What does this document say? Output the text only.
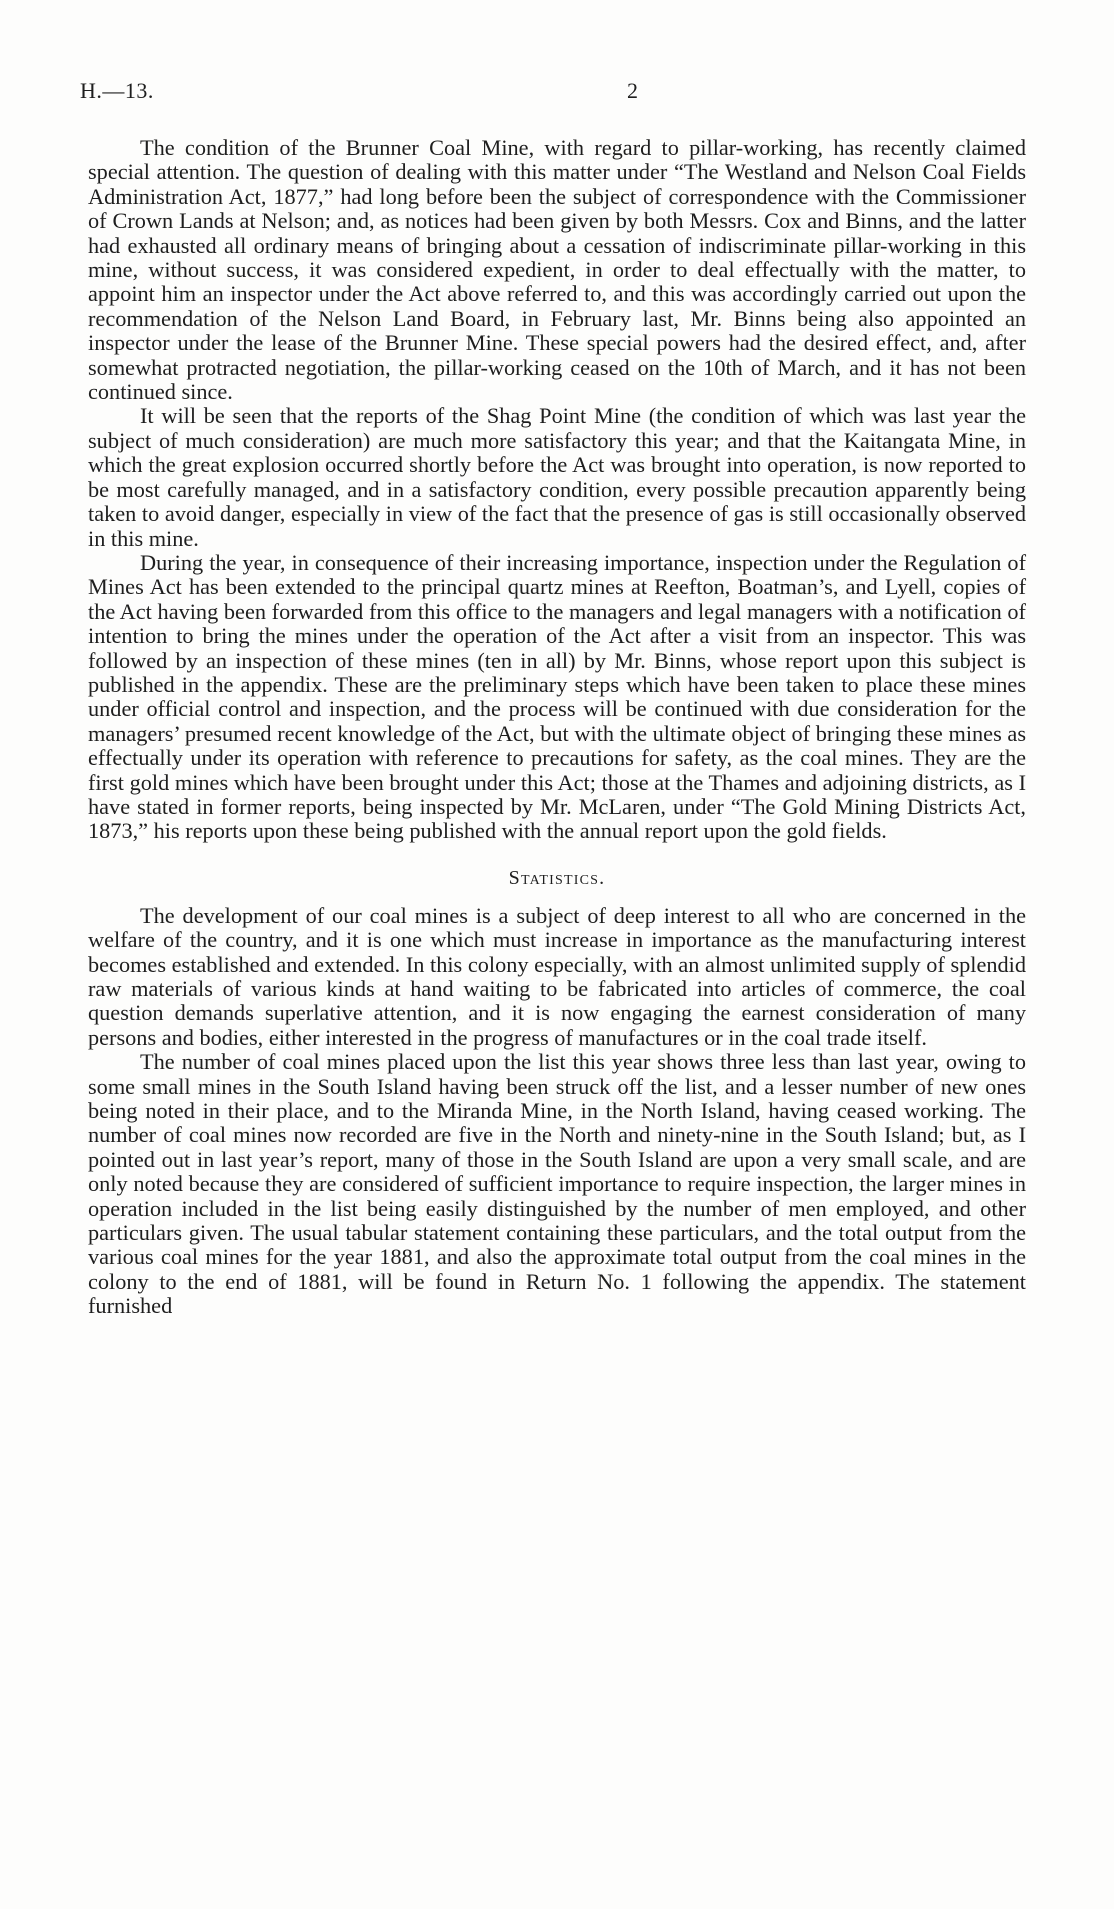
H.—13.	2

The condition of the Brunner Coal Mine, with regard to pillar-working, has recently claimed special attention. The question of dealing with this matter under “The Westland and Nelson Coal Fields Administration Act, 1877,” had long before been the subject of correspondence with the Commissioner of Crown Lands at Nelson; and, as notices had been given by both Messrs. Cox and Binns, and the latter had exhausted all ordinary means of bringing about a cessation of indiscriminate pillar-working in this mine, without success, it was considered expedient, in order to deal effectually with the matter, to appoint him an inspector under the Act above referred to, and this was accordingly carried out upon the recommendation of the Nelson Land Board, in February last, Mr. Binns being also appointed an inspector under the lease of the Brunner Mine. These special powers had the desired effect, and, after somewhat protracted negotiation, the pillar-working ceased on the 10th of March, and it has not been continued since.

It will be seen that the reports of the Shag Point Mine (the condition of which was last year the subject of much consideration) are much more satisfactory this year; and that the Kaitangata Mine, in which the great explosion occurred shortly before the Act was brought into operation, is now reported to be most carefully managed, and in a satisfactory condition, every possible precaution apparently being taken to avoid danger, especially in view of the fact that the presence of gas is still occasionally observed in this mine.

During the year, in consequence of their increasing importance, inspection under the Regulation of Mines Act has been extended to the principal quartz mines at Reefton, Boatman’s, and Lyell, copies of the Act having been forwarded from this office to the managers and legal managers with a notification of intention to bring the mines under the operation of the Act after a visit from an inspector. This was followed by an inspection of these mines (ten in all) by Mr. Binns, whose report upon this subject is published in the appendix. These are the preliminary steps which have been taken to place these mines under official control and inspection, and the process will be continued with due consideration for the managers’ presumed recent knowledge of the Act, but with the ultimate object of bringing these mines as effectually under its operation with reference to precautions for safety, as the coal mines. They are the first gold mines which have been brought under this Act; those at the Thames and adjoining districts, as I have stated in former reports, being inspected by Mr. McLaren, under “The Gold Mining Districts Act, 1873,” his reports upon these being published with the annual report upon the gold fields.

Statistics.

The development of our coal mines is a subject of deep interest to all who are concerned in the welfare of the country, and it is one which must increase in importance as the manufacturing interest becomes established and extended. In this colony especially, with an almost unlimited supply of splendid raw materials of various kinds at hand waiting to be fabricated into articles of commerce, the coal question demands superlative attention, and it is now engaging the earnest consideration of many persons and bodies, either interested in the progress of manufactures or in the coal trade itself.

The number of coal mines placed upon the list this year shows three less than last year, owing to some small mines in the South Island having been struck off the list, and a lesser number of new ones being noted in their place, and to the Miranda Mine, in the North Island, having ceased working. The number of coal mines now recorded are five in the North and ninety-nine in the South Island; but, as I pointed out in last year’s report, many of those in the South Island are upon a very small scale, and are only noted because they are considered of sufficient importance to require inspection, the larger mines in operation included in the list being easily distinguished by the number of men employed, and other particulars given. The usual tabular statement containing these particulars, and the total output from the various coal mines for the year 1881, and also the approximate total output from the coal mines in the colony to the end of 1881, will be found in Return No. 1 following the appendix. The statement furnished
